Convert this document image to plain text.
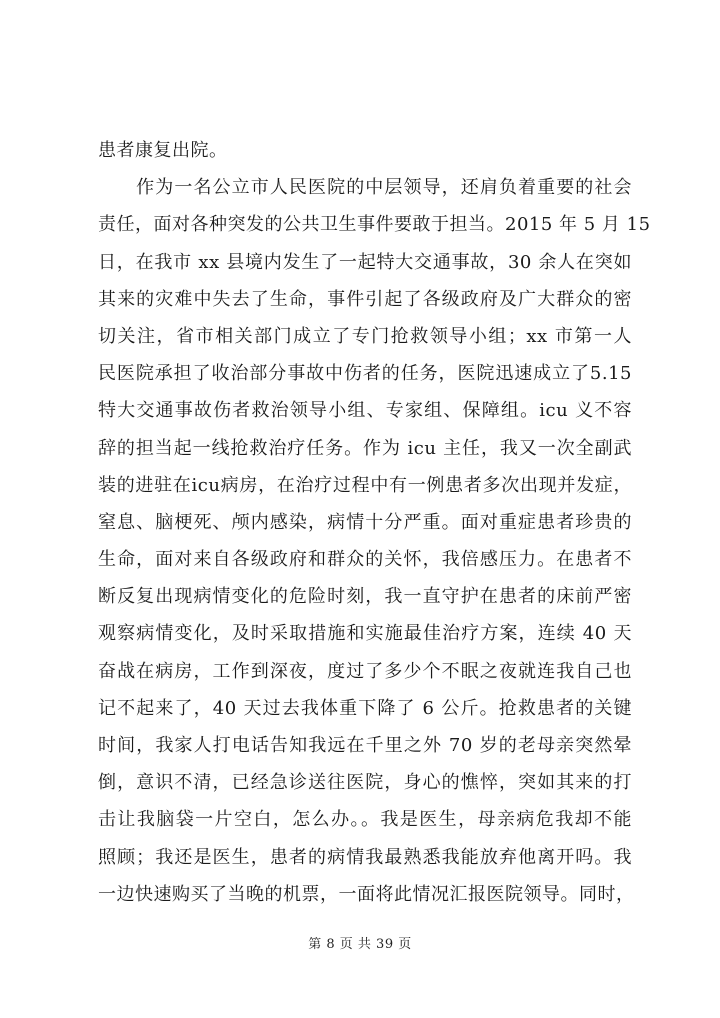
患者康复出院。
　　作为一名公立市人民医院的中层领导，还肩负着重要的社会
责任，面对各种突发的公共卫生事件要敢于担当。2015 年 5 月 15
日，在我市 xx 县境内发生了一起特大交通事故，30 余人在突如
其来的灾难中失去了生命，事件引起了各级政府及广大群众的密
切关注，省市相关部门成立了专门抢救领导小组；xx 市第一人
民医院承担了收治部分事故中伤者的任务，医院迅速成立了5.15
特大交通事故伤者救治领导小组、专家组、保障组。icu 义不容
辞的担当起一线抢救治疗任务。作为 icu 主任，我又一次全副武
装的进驻在icu病房，在治疗过程中有一例患者多次出现并发症，
窒息、脑梗死、颅内感染，病情十分严重。面对重症患者珍贵的
生命，面对来自各级政府和群众的关怀，我倍感压力。在患者不
断反复出现病情变化的危险时刻，我一直守护在患者的床前严密
观察病情变化，及时采取措施和实施最佳治疗方案，连续 40 天
奋战在病房，工作到深夜，度过了多少个不眠之夜就连我自己也
记不起来了，40 天过去我体重下降了 6 公斤。抢救患者的关键
时间，我家人打电话告知我远在千里之外 70 岁的老母亲突然晕
倒，意识不清，已经急诊送往医院，身心的憔悴，突如其来的打
击让我脑袋一片空白，怎么办。。我是医生，母亲病危我却不能
照顾；我还是医生，患者的病情我最熟悉我能放弃他离开吗。我
一边快速购买了当晚的机票，一面将此情况汇报医院领导。同时，
第 8 页 共 39 页
